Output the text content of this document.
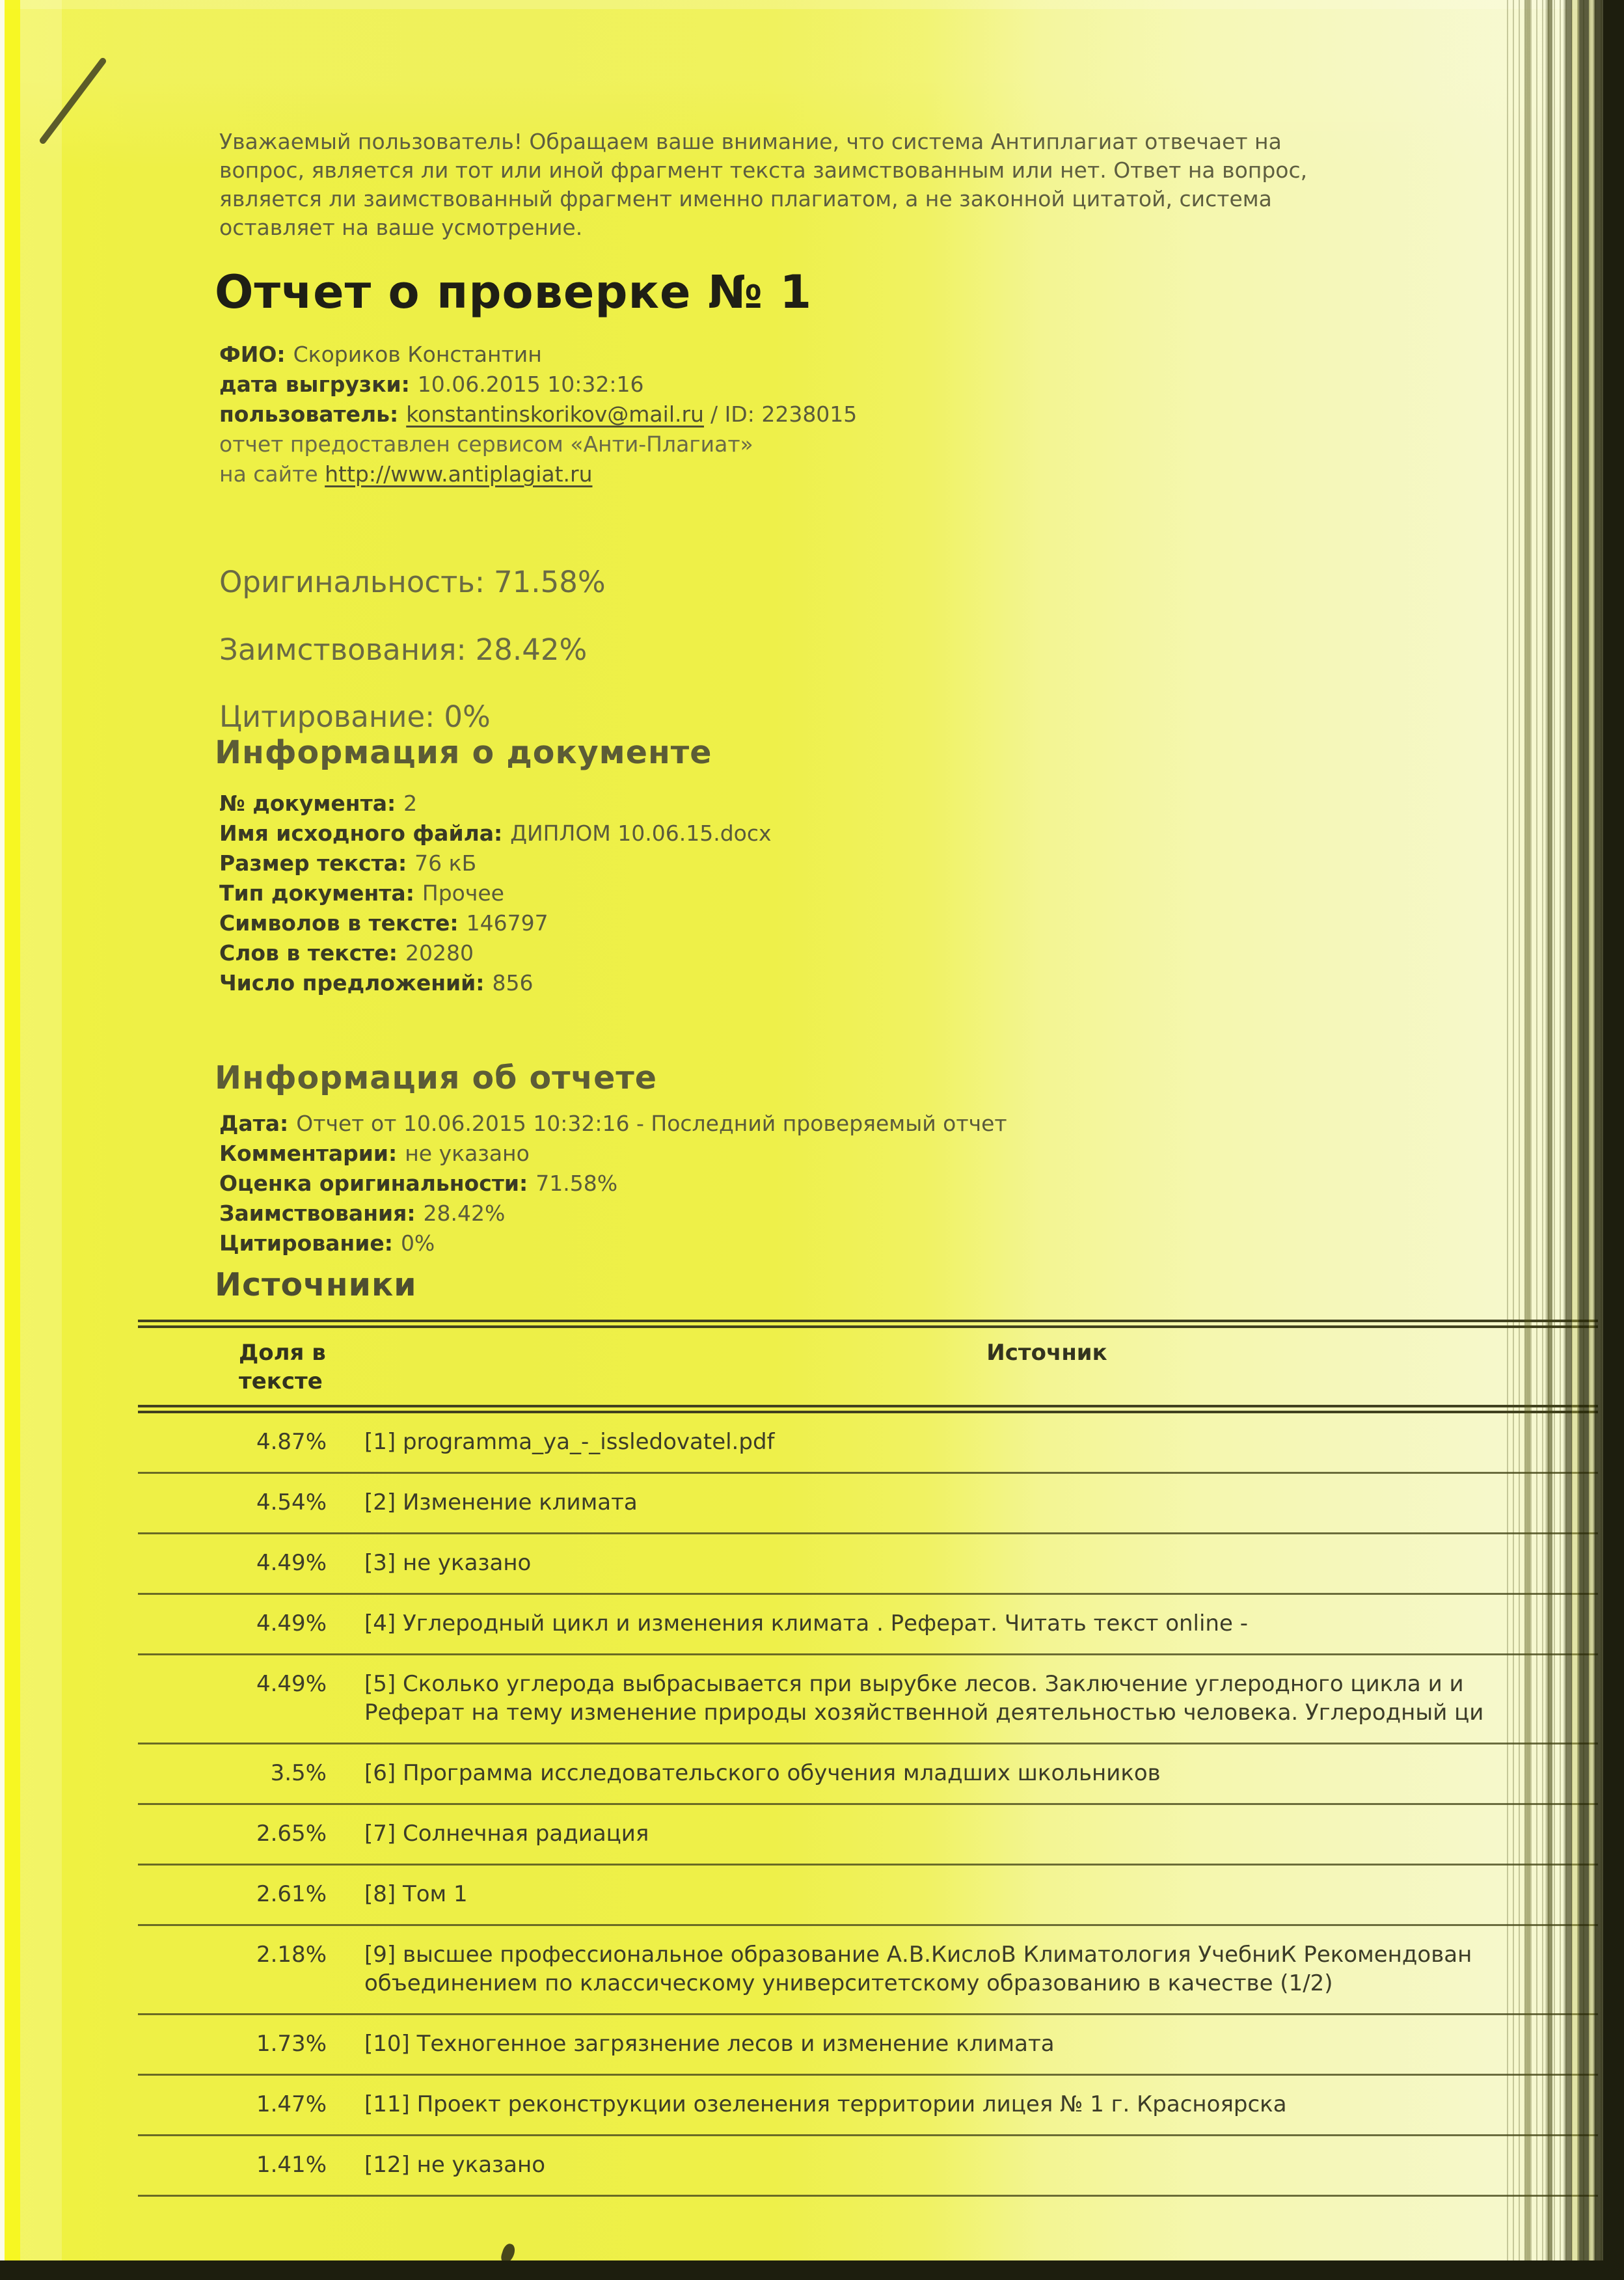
Уважаемый пользователь! Обращаем ваше внимание, что система Антиплагиат отвечает на
вопрос, является ли тот или иной фрагмент текста заимствованным или нет. Ответ на вопрос,
является ли заимствованный фрагмент именно плагиатом, а не законной цитатой, система
оставляет на ваше усмотрение.
Отчет о проверке № 1
ФИО: Скориков Константин
дата выгрузки: 10.06.2015 10:32:16
пользователь: konstantinskorikov@mail.ru / ID: 2238015
отчет предоставлен сервисом «Анти-Плагиат»
на сайте http://www.antiplagiat.ru
Оригинальность: 71.58%
Заимствования: 28.42%
Цитирование: 0%
Информация о документе
№ документа: 2
Имя исходного файла: ДИПЛОМ 10.06.15.docx
Размер текста: 76 кБ
Тип документа: Прочее
Символов в тексте: 146797
Слов в тексте: 20280
Число предложений: 856
Информация об отчете
Дата: Отчет от 10.06.2015 10:32:16 - Последний проверяемый отчет
Комментарии: не указано
Оценка оригинальности: 71.58%
Заимствования: 28.42%
Цитирование: 0%
Источники
Доля в тексте
Источник
4.87% [1] programma_ya_-_issledovatel.pdf
4.54% [2] Изменение климата
4.49% [3] не указано
4.49% [4] Углеродный цикл и изменения климата . Реферат. Читать текст online -
4.49% [5] Сколько углерода выбрасывается при вырубке лесов. Заключение углеродного цикла и и
Реферат на тему изменение природы хозяйственной деятельностью человека. Углеродный ци
3.5% [6] Программа исследовательского обучения младших школьников
2.65% [7] Солнечная радиация
2.61% [8] Том 1
2.18% [9] высшее профессиональное образование А.В.КислоВ Климатология УчебниК Рекомендован
объединением по классическому университетскому образованию в качестве (1/2)
1.73% [10] Техногенное загрязнение лесов и изменение климата
1.47% [11] Проект реконструкции озеленения территории лицея № 1 г. Красноярска
1.41% [12] не указано
